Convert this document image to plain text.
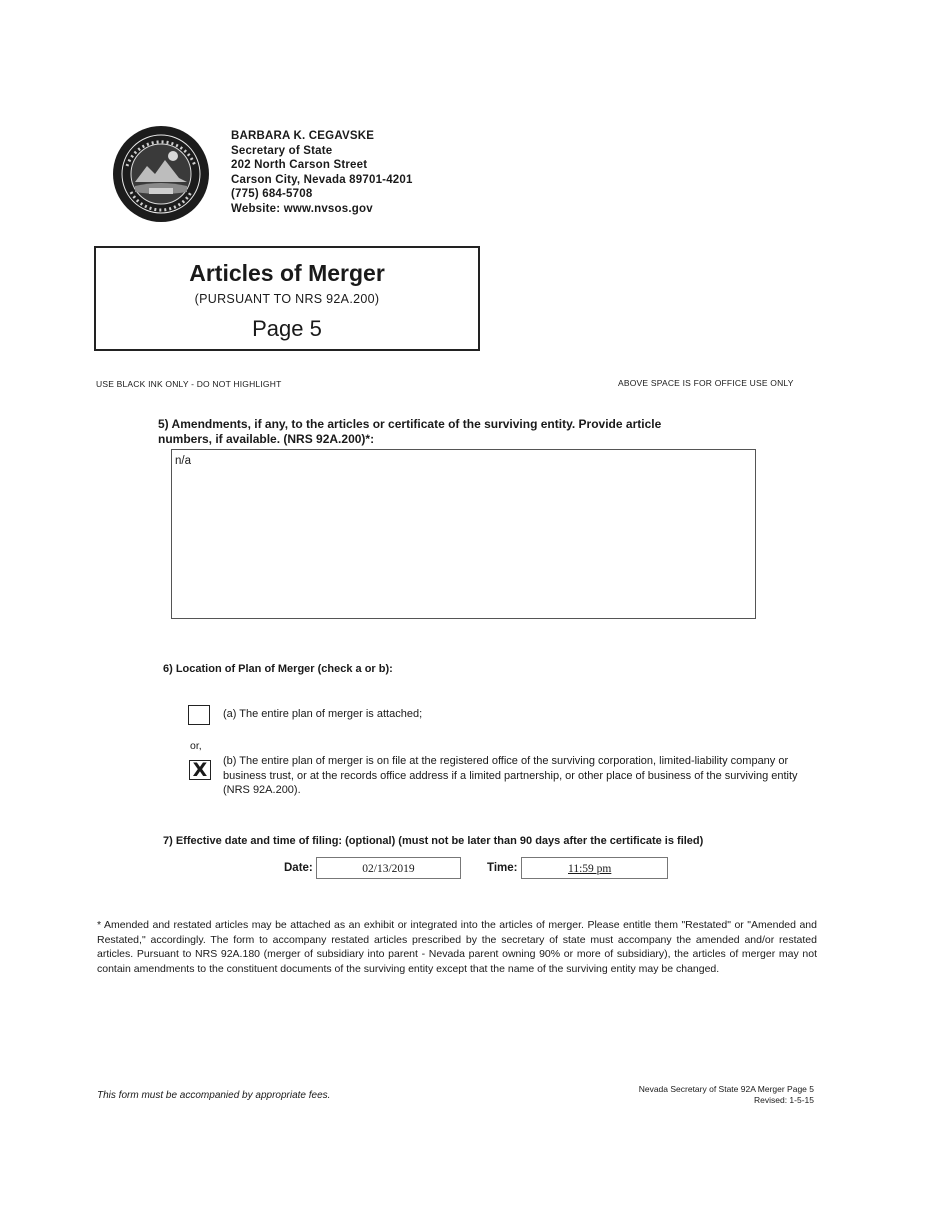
BARBARA K. CEGAVSKE
Secretary of State
202 North Carson Street
Carson City, Nevada 89701-4201
(775) 684-5708
Website: www.nvsos.gov
Articles of Merger
(PURSUANT TO NRS 92A.200)
Page 5
USE BLACK INK ONLY - DO NOT HIGHLIGHT	ABOVE SPACE IS FOR OFFICE USE ONLY
5) Amendments, if any, to the articles or certificate of the surviving entity. Provide article numbers, if available. (NRS 92A.200)*:
n/a
6) Location of Plan of Merger (check a or b):
(a) The entire plan of merger is attached;
or,
X	(b) The entire plan of merger is on file at the registered office of the surviving corporation, limited-liability company or business trust, or at the records office address if a limited partnership, or other place of business of the surviving entity (NRS 92A.200).
7) Effective date and time of filing: (optional) (must not be later than 90 days after the certificate is filed)
Date:	02/13/2019	Time:	11:59 pm
* Amended and restated articles may be attached as an exhibit or integrated into the articles of merger. Please entitle them "Restated" or "Amended and Restated," accordingly. The form to accompany restated articles prescribed by the secretary of state must accompany the amended and/or restated articles. Pursuant to NRS 92A.180 (merger of subsidiary into parent - Nevada parent owning 90% or more of subsidiary), the articles of merger may not contain amendments to the constituent documents of the surviving entity except that the name of the surviving entity may be changed.
This form must be accompanied by appropriate fees.
Nevada Secretary of State 92A Merger Page 5
Revised: 1-5-15
